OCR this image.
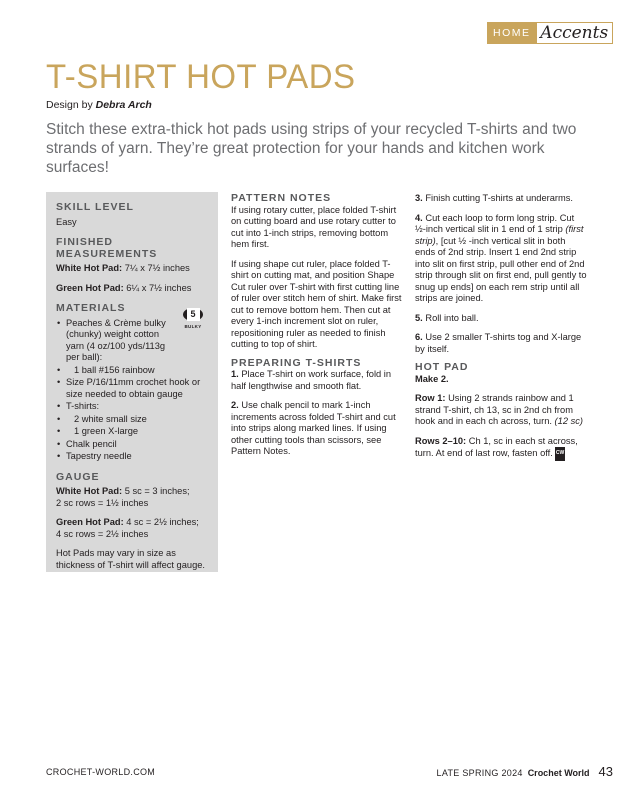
HOME Accents
T-SHIRT HOT PADS
Design by Debra Arch

Stitch these extra-thick hot pads using strips of your recycled T-shirts and two strands of yarn. They’re great protection for your hands and kitchen work surfaces!

SKILL LEVEL
Easy
FINISHED MEASUREMENTS
White Hot Pad: 7¼ x 7½ inches
Green Hot Pad: 6¼ x 7½ inches
MATERIALS
• Peaches & Crème bulky (chunky) weight cotton yarn (4 oz/100 yds/113g per ball):
• 1 ball #156 rainbow
• Size P/16/11mm crochet hook or size needed to obtain gauge
• T-shirts:
• 2 white small size
• 1 green X-large
• Chalk pencil
• Tapestry needle
5
BULKY
GAUGE
White Hot Pad: 5 sc = 3 inches;
2 sc rows = 1½ inches
Green Hot Pad: 4 sc = 2½ inches;
4 sc rows = 2½ inches
Hot Pads may vary in size as thickness of T-shirt will affect gauge.
PATTERN NOTES

If using rotary cutter, place folded T-shirt on cutting board and use rotary cutter to cut into 1-inch strips, removing bottom hem first.

If using shape cut ruler, place folded T-shirt on cutting mat, and position Shape Cut ruler over T-shirt with first cutting line of ruler over stitch hem of shirt. Make first cut to remove bottom hem. Then cut at every 1-inch increment slot on ruler, repositioning ruler as needed to finish cutting to top of shirt.

PREPARING T-SHIRTS

1. Place T-shirt on work surface, fold in half lengthwise and smooth flat.

2. Use chalk pencil to mark 1-inch increments across folded T-shirt and cut into strips along marked lines. If using other cutting tools than scissors, see Pattern Notes.

3. Finish cutting T-shirts at underarms.

4. Cut each loop to form long strip. Cut ½-inch vertical slit in 1 end of 1 strip (first strip), [cut ½ -inch vertical slit in both ends of 2nd strip. Insert 1 end 2nd strip into slit on first strip, pull other end of 2nd strip through slit on first end, pull gently to snug up ends] on each rem strip until all strips are joined.

5. Roll into ball.

6. Use 2 smaller T-shirts tog and X-large by itself.

HOT PAD

Make 2.

Row 1: Using 2 strands rainbow and 1 strand T-shirt, ch 13, sc in 2nd ch from hook and in each ch across, turn. (12 sc)

Rows 2–10: Ch 1, sc in each st across, turn. At end of last row, fasten off. CW

CROCHET-WORLD.COM	LATE SPRING 2024 Crochet World 43
